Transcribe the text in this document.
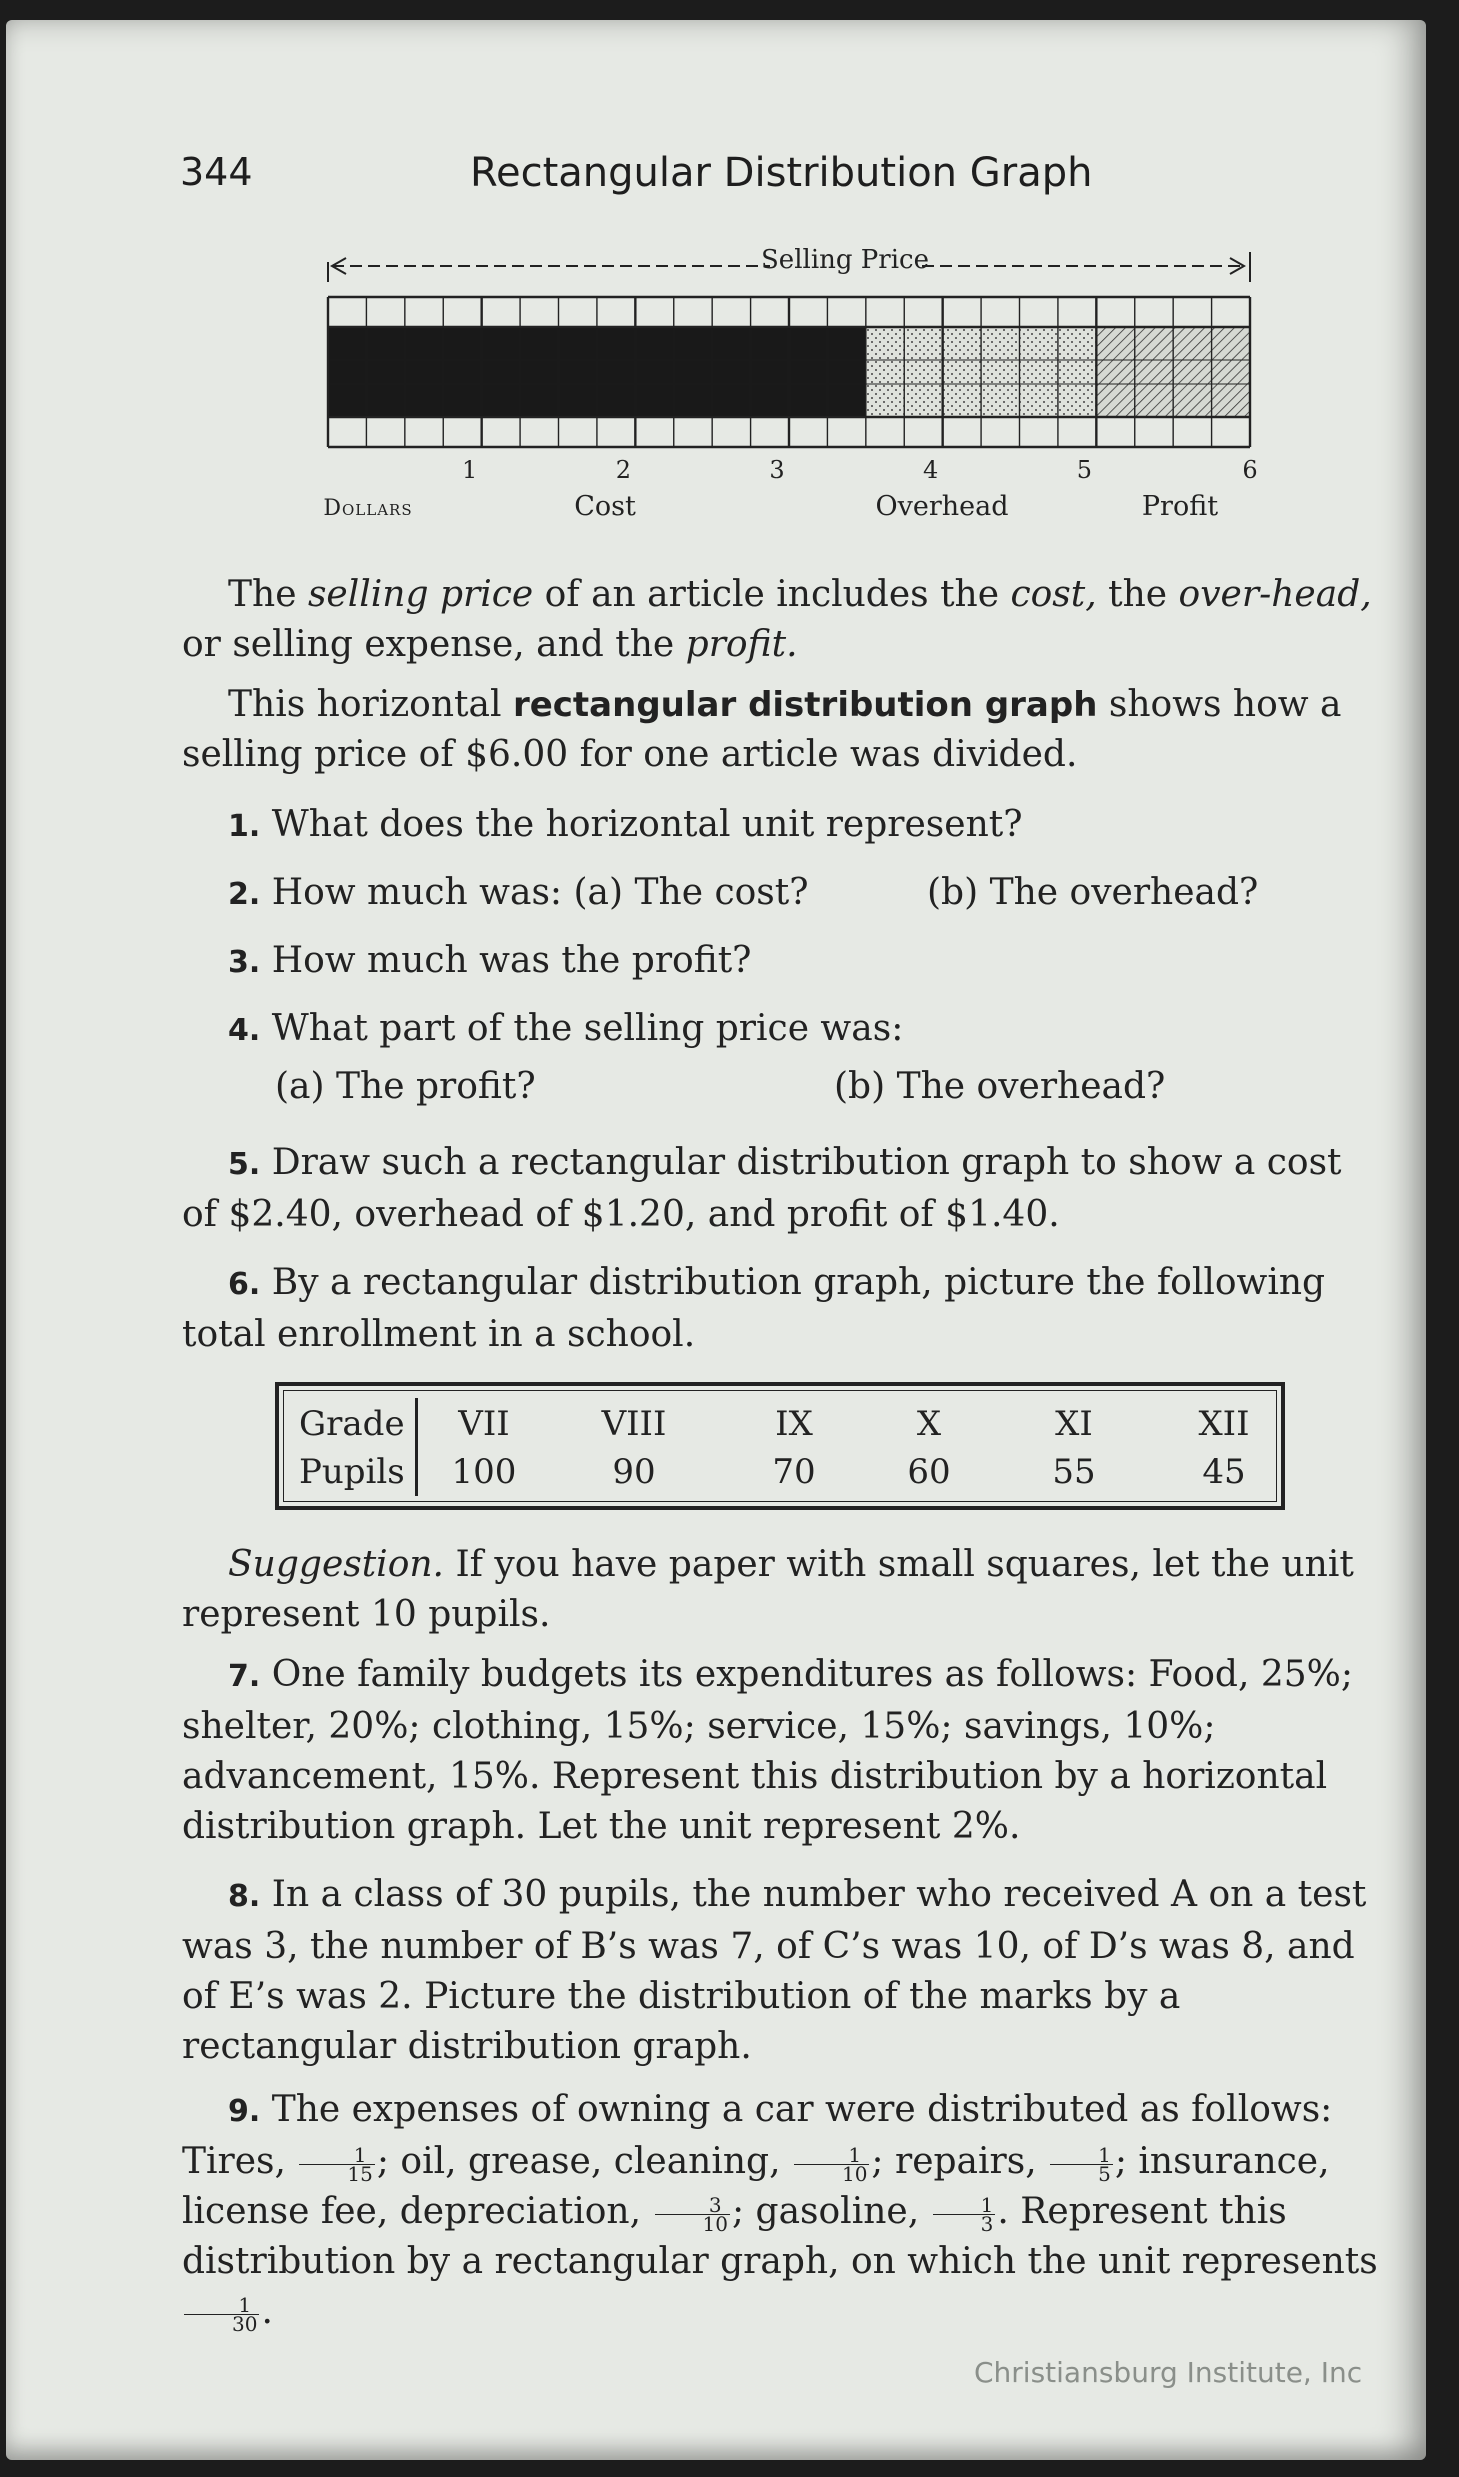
344	Rectangular Distribution Graph
1	2	3	4	5	6
Dollars	Cost	Overhead	Profit
Selling Price

The selling price of an article includes the cost, the over-head, or selling expense, and the profit.

This horizontal rectangular distribution graph shows how a selling price of $6.00 for one article was divided.

1. What does the horizontal unit represent?
2. How much was: (a) The cost?	(b) The overhead?
3. How much was the profit?
4. What part of the selling price was:
(a) The profit?	(b) The overhead?

5. Draw such a rectangular distribution graph to show a cost of $2.40, overhead of $1.20, and profit of $1.40.

6. By a rectangular distribution graph, picture the following total enrollment in a school.

Grade	VII	VIII	IX	X	XI	XII
Pupils	100	90	70	60	55	45

Suggestion. If you have paper with small squares, let the unit represent 10 pupils.

7. One family budgets its expenditures as follows: Food, 25%; shelter, 20%; clothing, 15%; service, 15%; savings, 10%; advancement, 15%. Represent this distribution by a horizontal distribution graph. Let the unit represent 2%.

8. In a class of 30 pupils, the number who received A on a test was 3, the number of B’s was 7, of C’s was 10, of D’s was 8, and of E’s was 2. Picture the distribution of the marks by a rectangular distribution graph.

9. The expenses of owning a car were distributed as follows: Tires, $\frac{1}{15}$ ; oil, grease, cleaning, $\frac{1}{10}$ ; repairs, $\frac{1}{5}$ ; insurance, license fee, depreciation, $\frac{3}{10}$ ; gasoline, $\frac{1}{3}$ . Represent this distribution by a rectangular graph, on which the unit represents
$\frac{1}{30}$ .

Christiansburg Institute, Inc
